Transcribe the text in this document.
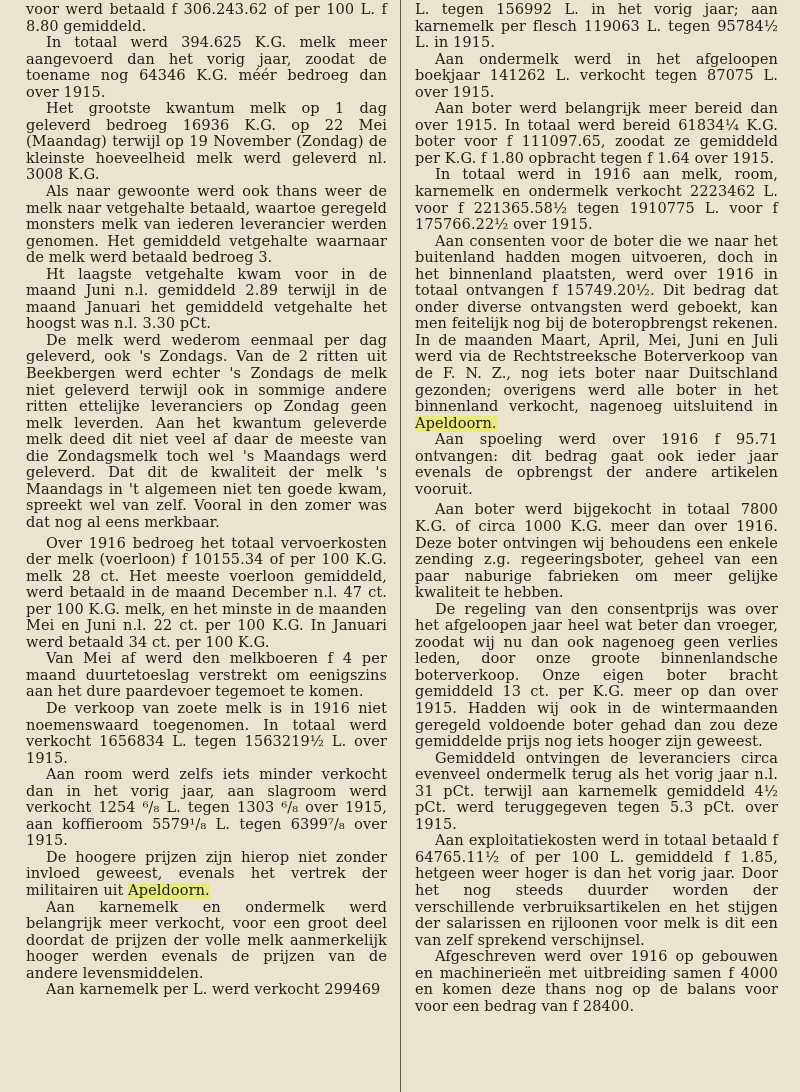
voor werd betaald f 306.243.62 of per 100 L. f 8.80 gemiddeld.

In totaal werd 394.625 K.G. melk meer aangevoerd dan het vorig jaar, zoodat de toename nog 64346 K.G. méér bedroeg dan over 1915.

Het grootste kwantum melk op 1 dag geleverd bedroeg 16936 K.G. op 22 Mei (Maandag) terwijl op 19 November (Zondag) de kleinste hoeveelheid melk werd geleverd nl. 3008 K.G.

Als naar gewoonte werd ook thans weer de melk naar vetgehalte betaald, waartoe geregeld monsters melk van iederen leverancier werden genomen. Het gemiddeld vetgehalte waarnaar de melk werd betaald bedroeg 3.

Ht laagste vetgehalte kwam voor in de maand Juni n.l. gemiddeld 2.89 terwijl in de maand Januari het gemiddeld vetgehalte het hoogst was n.l. 3.30 pCt.

De melk werd wederom eenmaal per dag geleverd, ook 's Zondags. Van de 2 ritten uit Beekbergen werd echter 's Zondags de melk niet geleverd terwijl ook in sommige andere ritten ettelijke leveranciers op Zondag geen melk leverden. Aan het kwantum geleverde melk deed dit niet veel af daar de meeste van die Zondagsmelk toch wel 's Maandags werd geleverd. Dat dit de kwaliteit der melk 's Maandags in 't algemeen niet ten goede kwam, spreekt wel van zelf. Vooral in den zomer was dat nog al eens merkbaar.

Over 1916 bedroeg het totaal vervoerkosten der melk (voerloon) f 10155.34 of per 100 K.G. melk 28 ct. Het meeste voerloon gemiddeld, werd betaald in de maand December n.l. 47 ct. per 100 K.G. melk, en het minste in de maanden Mei en Juni n.l. 22 ct. per 100 K.G. In Januari werd betaald 34 ct. per 100 K.G.

Van Mei af werd den melkboeren f 4 per maand duurtetoeslag verstrekt om eenigszins aan het dure paardevoer tegemoet te komen.

De verkoop van zoete melk is in 1916 niet noemenswaard toegenomen. In totaal werd verkocht 1656834 L. tegen 1563219½ L. over 1915.

Aan room werd zelfs iets minder verkocht dan in het vorig jaar, aan slagroom werd verkocht 1254 ⁶/₈ L. tegen 1303 ⁶/₈ over 1915, aan koffieroom 5579¹/₈ L. tegen 6399⁷/₈ over 1915.

De hoogere prijzen zijn hierop niet zonder invloed geweest, evenals het vertrek der militairen uit Apeldoorn.

Aan karnemelk en ondermelk werd belangrijk meer verkocht, voor een groot deel doordat de prijzen der volle melk aanmerkelijk hooger werden evenals de prijzen van de andere levensmiddelen.

Aan karnemelk per L. werd verkocht 299469

L. tegen 156992 L. in het vorig jaar; aan karnemelk per flesch 119063 L. tegen 95784½ L. in 1915.

Aan ondermelk werd in het afgeloopen boekjaar 141262 L. verkocht tegen 87075 L. over 1915.

Aan boter werd belangrijk meer bereid dan over 1915. In totaal werd bereid 61834¼ K.G. boter voor f 111097.65, zoodat ze gemiddeld per K.G. f 1.80 opbracht tegen f 1.64 over 1915.

In totaal werd in 1916 aan melk, room, karnemelk en ondermelk verkocht 2223462 L. voor f 221365.58½ tegen 1910775 L. voor f 175766.22½ over 1915.

Aan consenten voor de boter die we naar het buitenland hadden mogen uitvoeren, doch in het binnenland plaatsten, werd over 1916 in totaal ontvangen f 15749.20½. Dit bedrag dat onder diverse ontvangsten werd geboekt, kan men feitelijk nog bij de boteropbrengst rekenen. In de maanden Maart, April, Mei, Juni en Juli werd via de Rechtstreeksche Boterverkoop van de F. N. Z., nog iets boter naar Duitschland gezonden; overigens werd alle boter in het binnenland verkocht, nagenoeg uitsluitend in Apeldoorn.

Aan spoeling werd over 1916 f 95.71 ontvangen: dit bedrag gaat ook ieder jaar evenals de opbrengst der andere artikelen vooruit.

Aan boter werd bijgekocht in totaal 7800 K.G. of circa 1000 K.G. meer dan over 1916. Deze boter ontvingen wij behoudens een enkele zending z.g. regeeringsboter, geheel van een paar naburige fabrieken om meer gelijke kwaliteit te hebben.

De regeling van den consentprijs was over het afgeloopen jaar heel wat beter dan vroeger, zoodat wij nu dan ook nagenoeg geen verlies leden, door onze groote binnenlandsche boterverkoop. Onze eigen boter bracht gemiddeld 13 ct. per K.G. meer op dan over 1915. Hadden wij ook in de wintermaanden geregeld voldoende boter gehad dan zou deze gemiddelde prijs nog iets hooger zijn geweest.

Gemiddeld ontvingen de leveranciers circa evenveel ondermelk terug als het vorig jaar n.l. 31 pCt. terwijl aan karnemelk gemiddeld 4½ pCt. werd teruggegeven tegen 5.3 pCt. over 1915.

Aan exploitatiekosten werd in totaal betaald f 64765.11½ of per 100 L. gemiddeld f 1.85, hetgeen weer hoger is dan het vorig jaar. Door het nog steeds duurder worden der verschillende verbruiksartikelen en het stijgen der salarissen en rijloonen voor melk is dit een van zelf sprekend verschijnsel.

Afgeschreven werd over 1916 op gebouwen en machinerieën met uitbreiding samen f 4000 en komen deze thans nog op de balans voor voor een bedrag van f 28400.
